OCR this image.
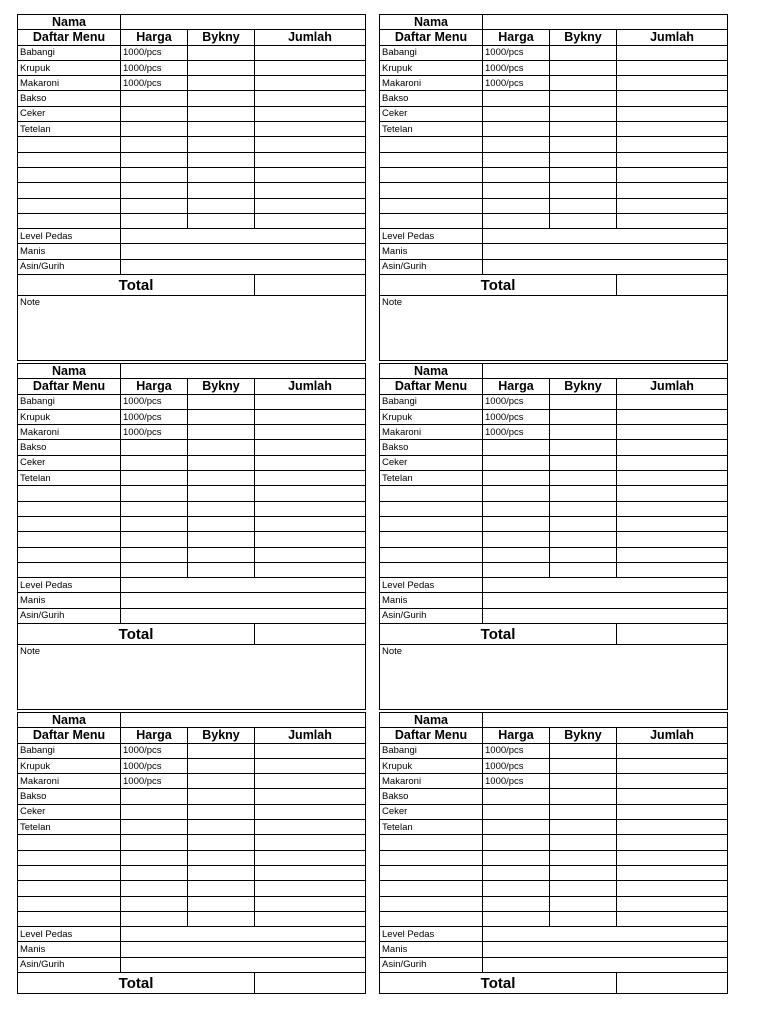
Nama			
Daftar Menu	Harga	Bykny	Jumlah
Babangi	1000/pcs		
Krupuk	1000/pcs		
Makaroni	1000/pcs		
Bakso			
Ceker			
Tetelan			

Level Pedas			
Manis			
Asin/Gurih			
Total			
Note			
Nama			
Daftar Menu	Harga	Bykny	Jumlah
Babangi	1000/pcs		
Krupuk	1000/pcs		
Makaroni	1000/pcs		
Bakso			
Ceker			
Tetelan			

Level Pedas			
Manis			
Asin/Gurih			
Total			
Note			
Nama			
Daftar Menu	Harga	Bykny	Jumlah
Babangi	1000/pcs		
Krupuk	1000/pcs		
Makaroni	1000/pcs		
Bakso			
Ceker			
Tetelan			

Level Pedas			
Manis			
Asin/Gurih			
Total			
Note			
Nama			
Daftar Menu	Harga	Bykny	Jumlah
Babangi	1000/pcs		
Krupuk	1000/pcs		
Makaroni	1000/pcs		
Bakso			
Ceker			
Tetelan			

Level Pedas			
Manis			
Asin/Gurih			
Total			
Note			
Nama			
Daftar Menu	Harga	Bykny	Jumlah
Babangi	1000/pcs		
Krupuk	1000/pcs		
Makaroni	1000/pcs		
Bakso			
Ceker			
Tetelan			

Level Pedas			
Manis			
Asin/Gurih			
Total			
Nama			
Daftar Menu	Harga	Bykny	Jumlah
Babangi	1000/pcs		
Krupuk	1000/pcs		
Makaroni	1000/pcs		
Bakso			
Ceker			
Tetelan			

Level Pedas			
Manis			
Asin/Gurih			
Total			
